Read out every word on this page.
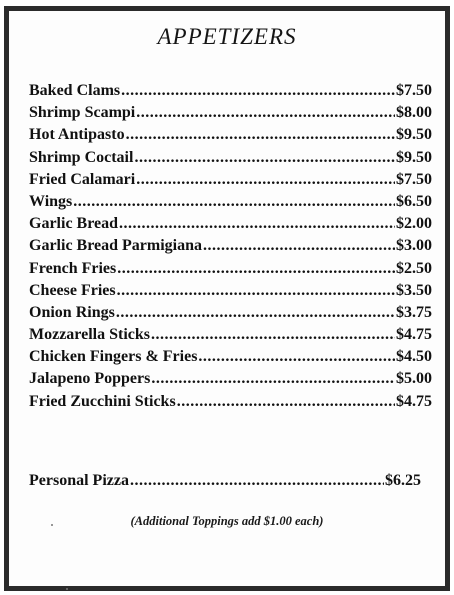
APPETIZERS
Baked Clams .....	$7.50
Shrimp Scampi .....	$8.00
Hot Antipasto .....	$9.50
Shrimp Coctail .....	$9.50
Fried Calamari .....	$7.50
Wings .....	$6.50
Garlic Bread .....	$2.00
Garlic Bread Parmigiana .....	$3.00
French Fries .....	$2.50
Cheese Fries .....	$3.50
Onion Rings .....	$3.75
Mozzarella Sticks .....	$4.75
Chicken Fingers & Fries .....	$4.50
Jalapeno Poppers .....	$5.00
Fried Zucchini Sticks .....	$4.75
Personal Pizza .....	$6.25
(Additional Toppings add $1.00 each)
